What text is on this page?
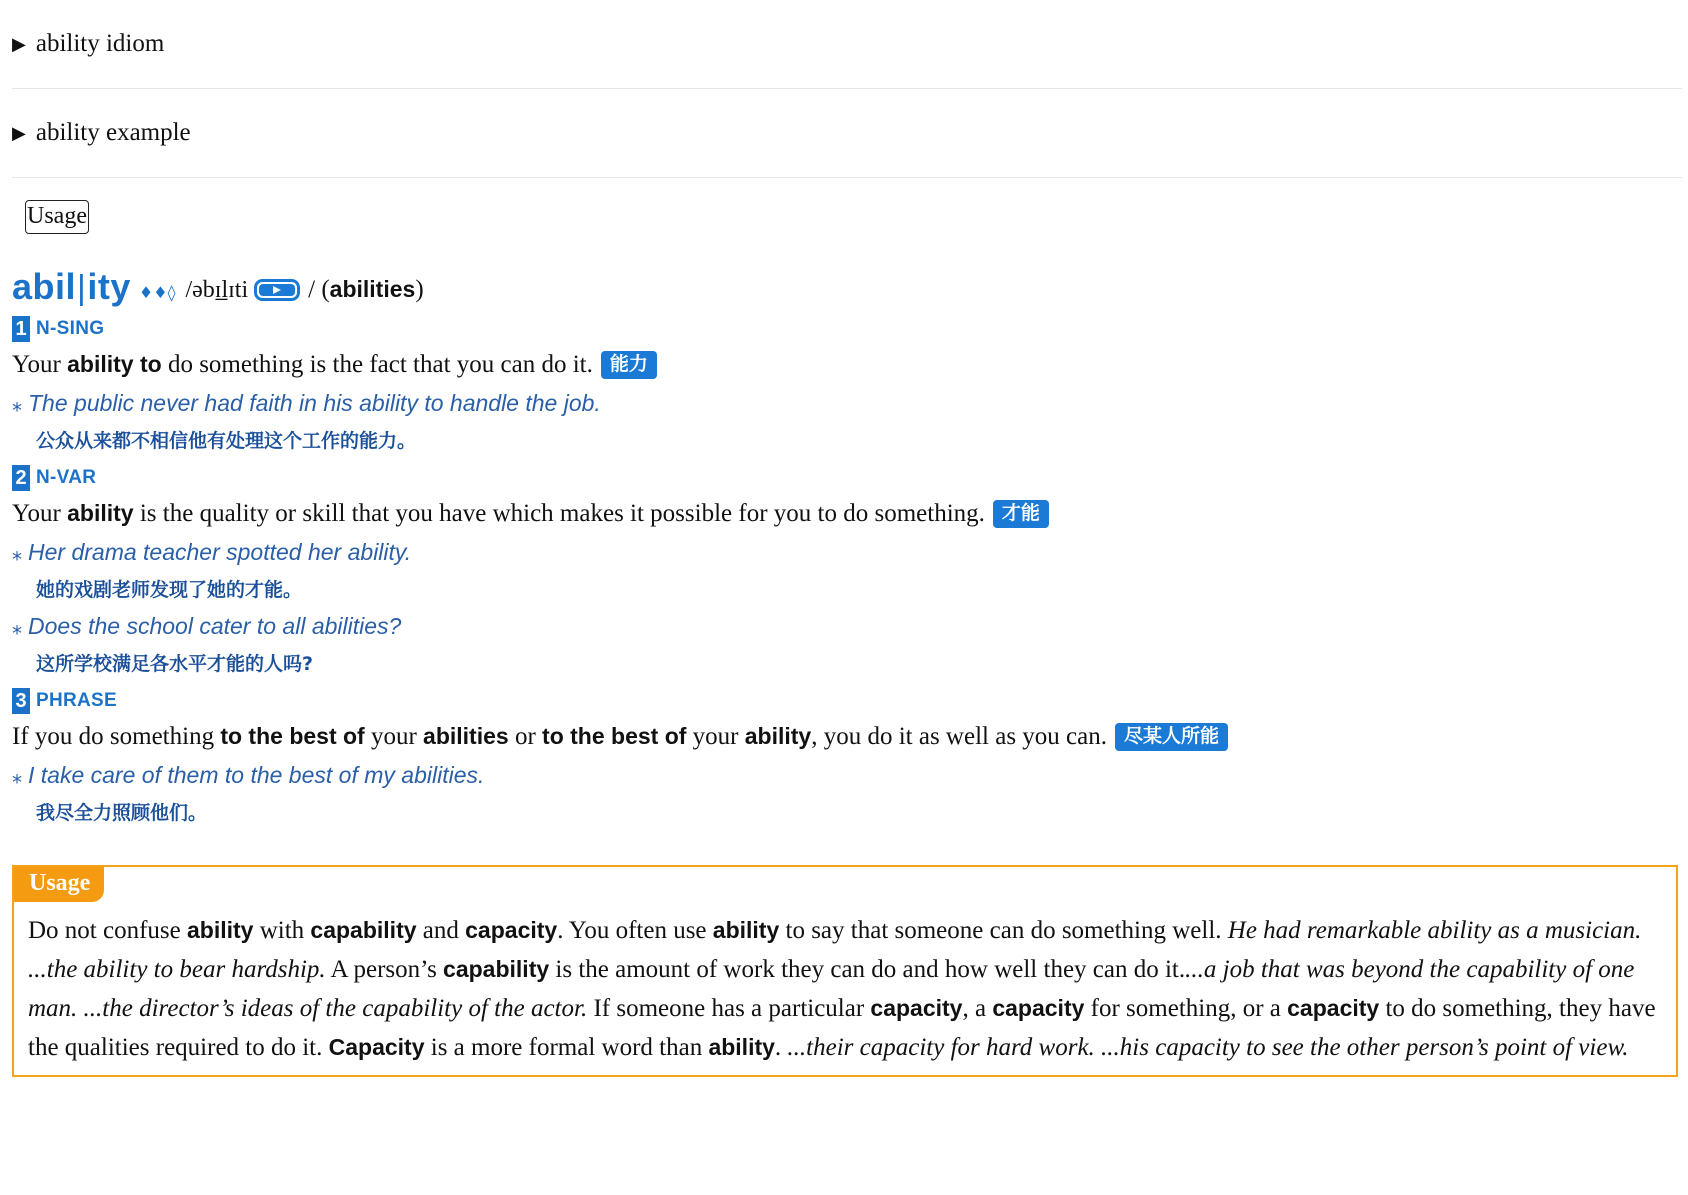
▶ ability idiom
▶ ability example
Usage
abil|ity ♦♦◊ /əbɪ̲lɪti / (abilities)
1 N-SING
Your ability to do something is the fact that you can do it. 能力
⁎ The public never had faith in his ability to handle the job.
公众从来都不相信他有处理这个工作的能力。
2 N-VAR
Your ability is the quality or skill that you have which makes it possible for you to do something. 才能
⁎ Her drama teacher spotted her ability.
她的戏剧老师发现了她的才能。
⁎ Does the school cater to all abilities?
这所学校满足各水平才能的人吗?
3 PHRASE
If you do something to the best of your abilities or to the best of your ability, you do it as well as you can. 尽某人所能
⁎ I take care of them to the best of my abilities.
我尽全力照顾他们。
Usage
Do not confuse ability with capability and capacity. You often use ability to say that someone can do something well. He had remarkable ability as a musician. ...the ability to bear hardship. A person’s capability is the amount of work they can do and how well they can do it....a job that was beyond the capability of one man. ...the director’s ideas of the capability of the actor. If someone has a particular capacity, a capacity for something, or a capacity to do something, they have the qualities required to do it. Capacity is a more formal word than ability. ...their capacity for hard work. ...his capacity to see the other person’s point of view.
